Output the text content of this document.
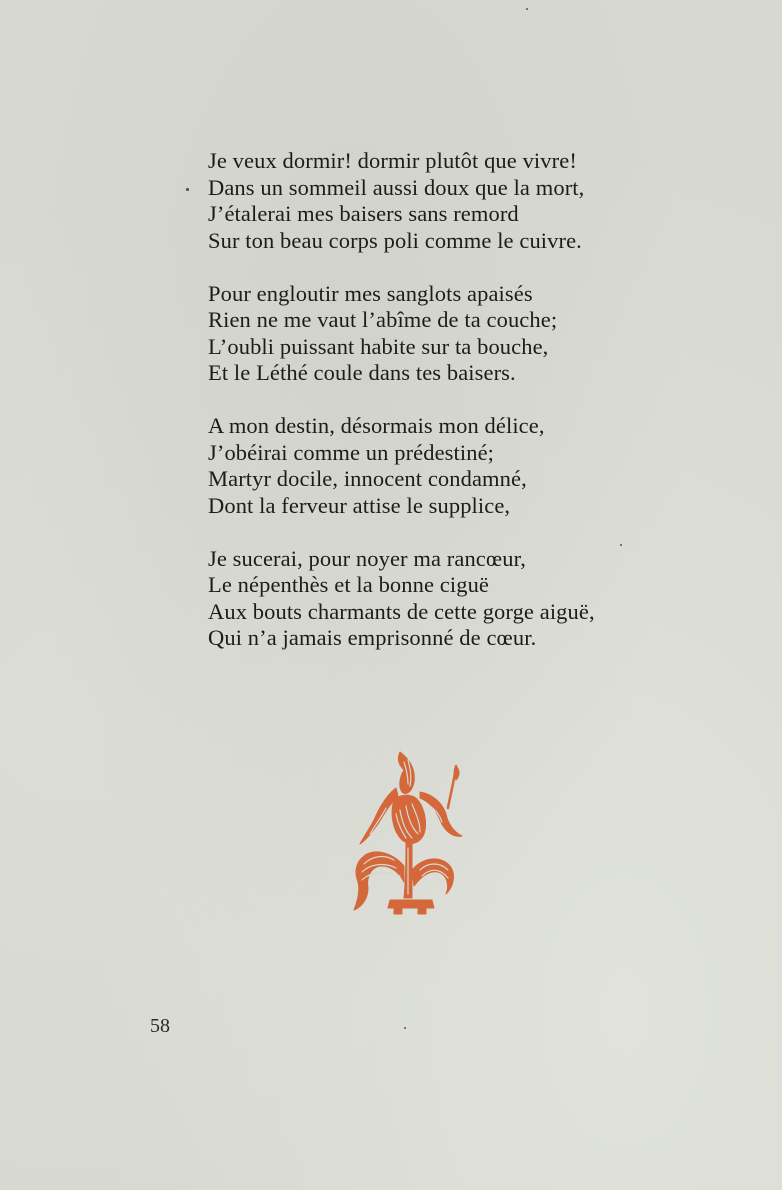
Je veux dormir! dormir plutôt que vivre!
Dans un sommeil aussi doux que la mort,
J’étalerai mes baisers sans remord
Sur ton beau corps poli comme le cuivre.
Pour engloutir mes sanglots apaisés
Rien ne me vaut l’abîme de ta couche;
L’oubli puissant habite sur ta bouche,
Et le Léthé coule dans tes baisers.
A mon destin, désormais mon délice,
J’obéirai comme un prédestiné;
Martyr docile, innocent condamné,
Dont la ferveur attise le supplice,
Je sucerai, pour noyer ma rancœur,
Le népenthès et la bonne ciguë
Aux bouts charmants de cette gorge aiguë,
Qui n’a jamais emprisonné de cœur.
58
